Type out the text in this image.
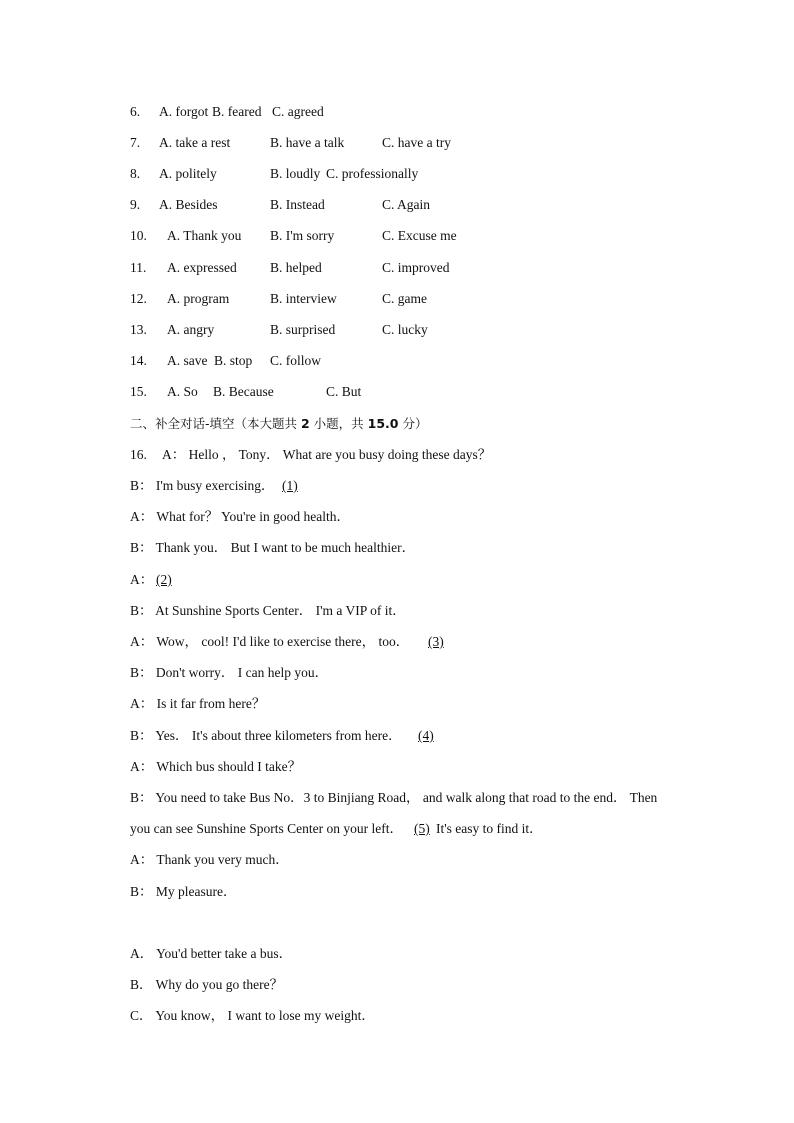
6. A. forgot B. feared C. agreed
7. A. take a rest	B. have a talk	C. have a try
8. A. politely	B. loudly C. professionally
9. A. Besides	B. Instead	C. Again
10. A. Thank you B. I'm sorry	C. Excuse me
11. A. expressed B. helped	C. improved
12. A. program	B. interview	C. game
13. A. angry	B. surprised	C. lucky
14. A. save B. stop C. follow
15. A. So B. Because	C. But
二、补全对话-填空（本大题共 2 小题，共 15.0 分）
16. A： Hello ， Tony． What are you busy doing these days？
B： I'm busy exercising． (1)
A： What for？ You're in good health．
B： Thank you． But I want to be much healthier．
A： (2)
B： At Sunshine Sports Center． I'm a VIP of it．
A： Wow， cool! I'd like to exercise there， too． (3)
B： Don't worry． I can help you．
A： Is it far from here？
B： Yes． It's about three kilometers from here． (4)
A： Which bus should I take？
B： You need to take Bus No．3 to Binjiang Road， and walk along that road to the end． Then
you can see Sunshine Sports Center on your left． (5) It's easy to find it．
A： Thank you very much．
B： My pleasure．
A． You'd better take a bus．
B． Why do you go there？
C． You know， I want to lose my weight．
